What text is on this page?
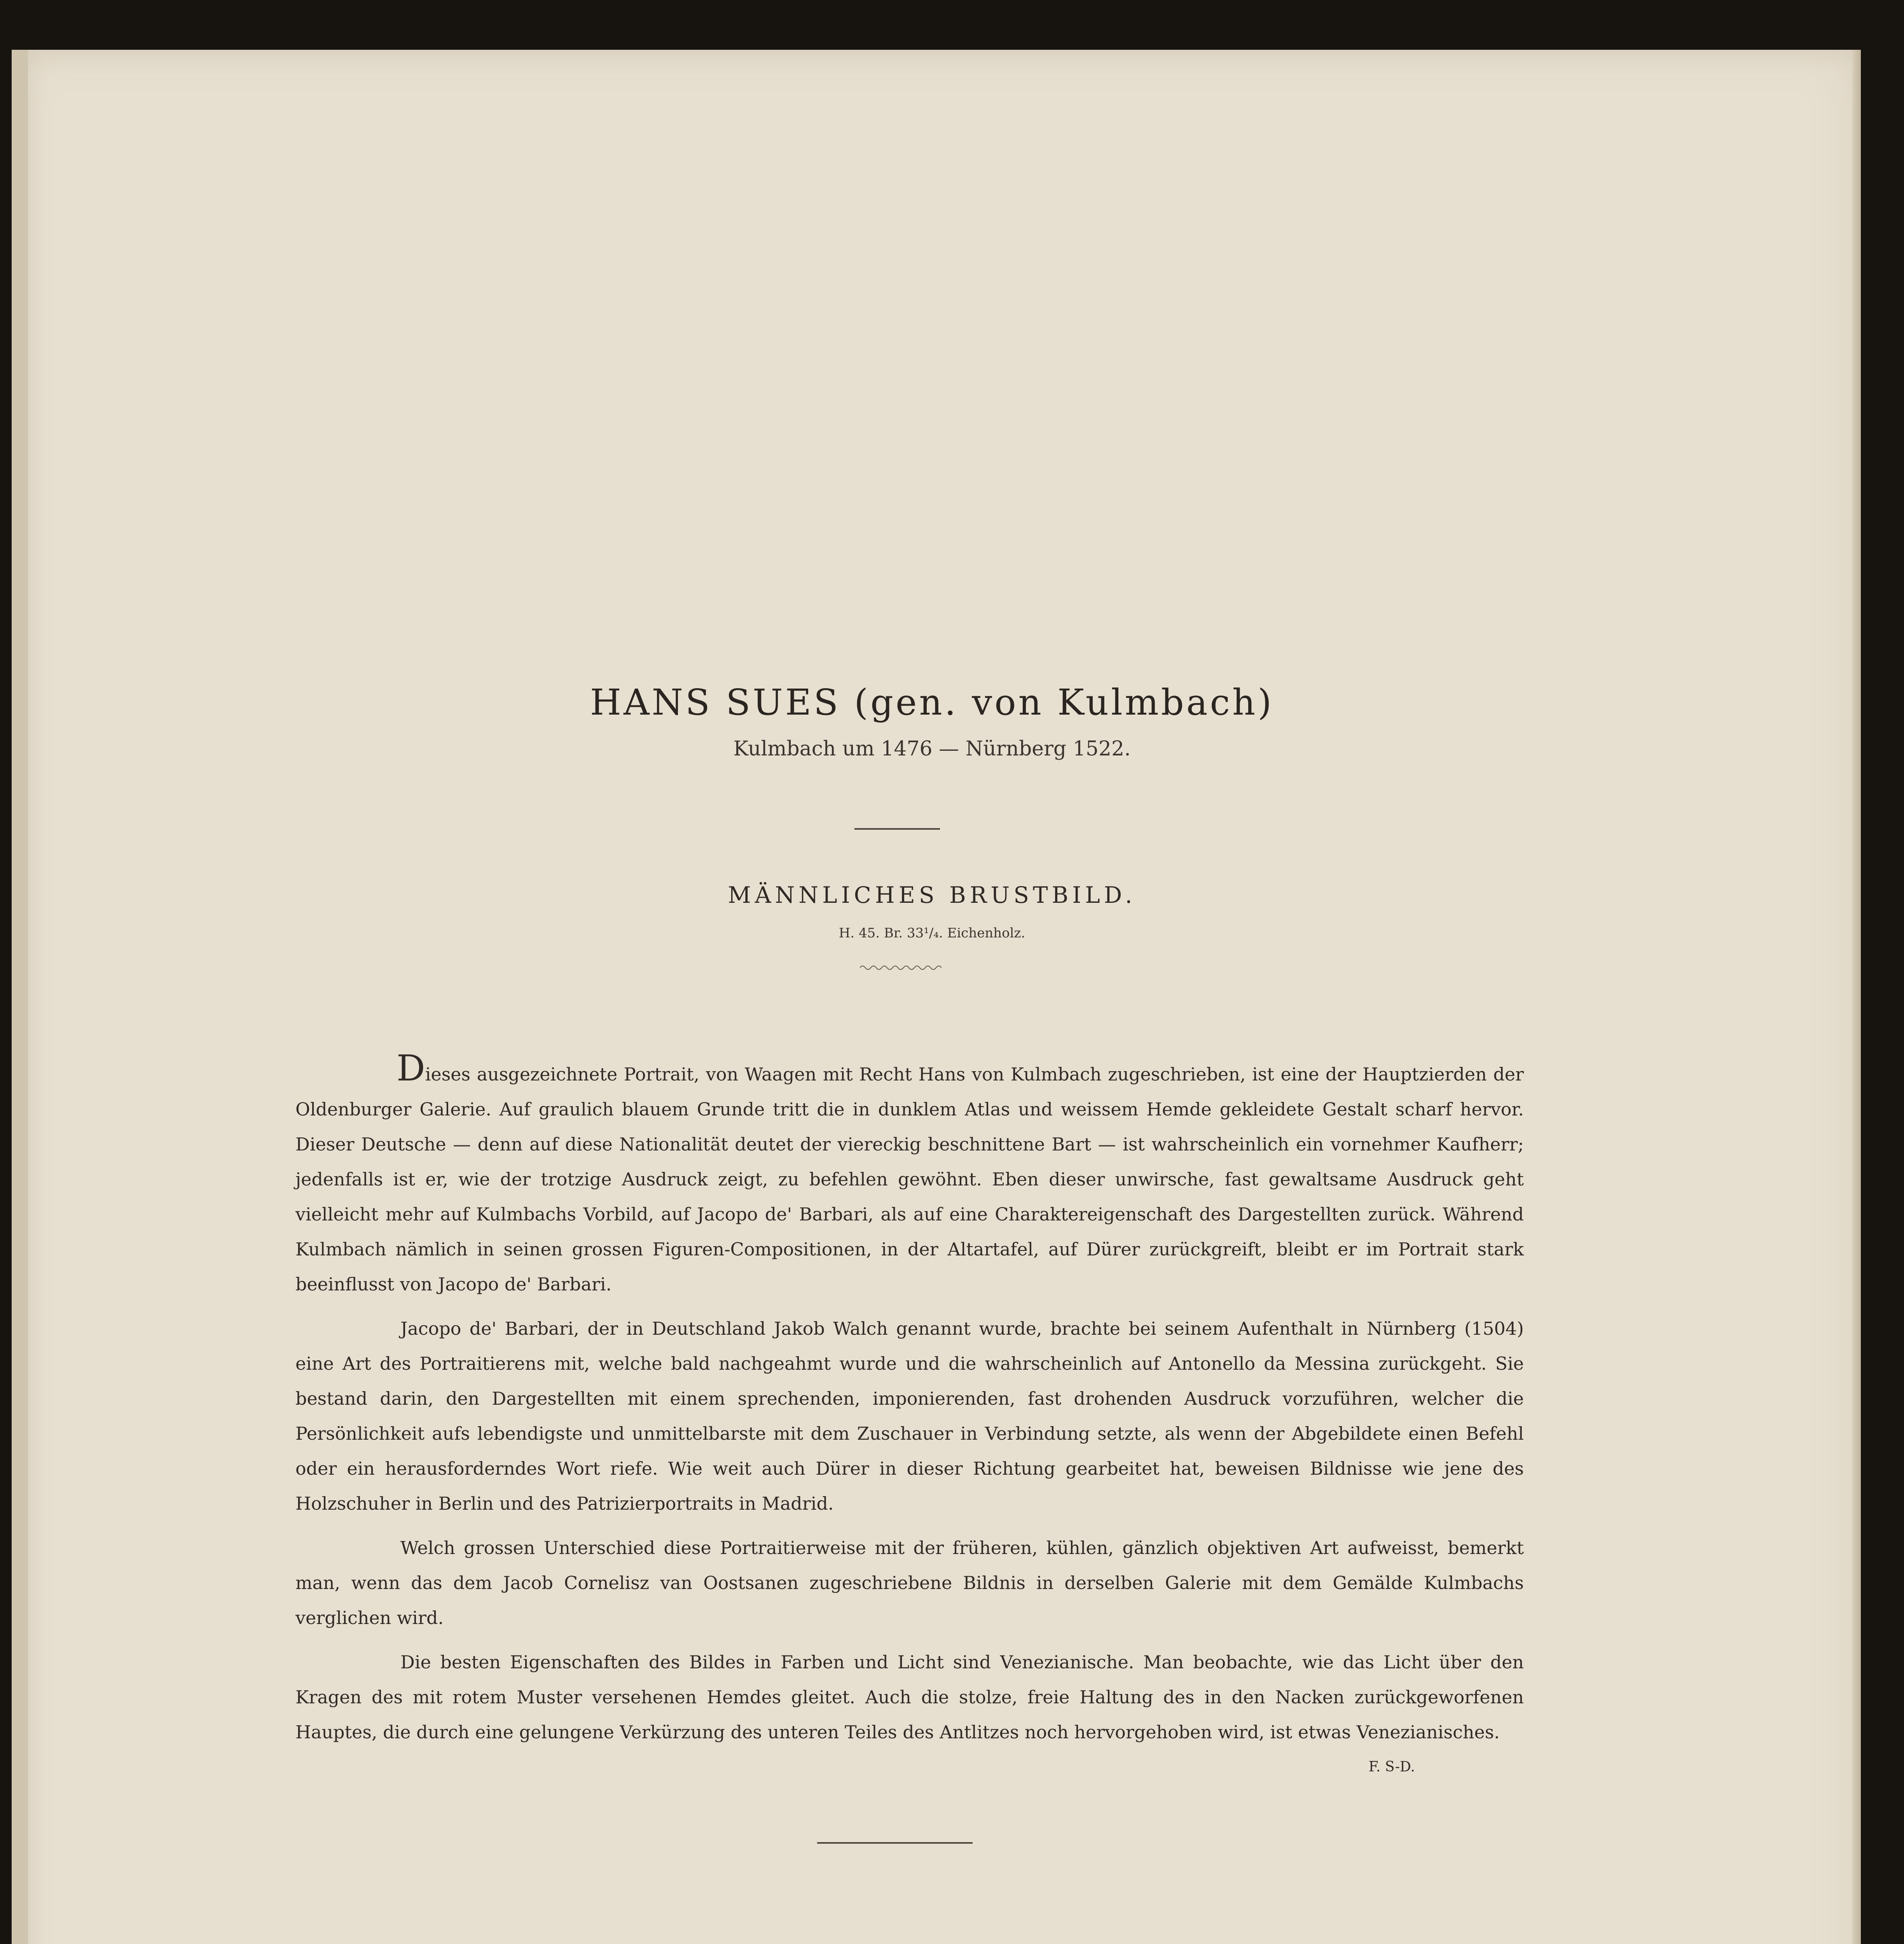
HANS SUES (gen. von Kulmbach)
Kulmbach um 1476 — Nürnberg 1522.
MÄNNLICHES BRUSTBILD.
H. 45. Br. 33¹/₄. Eichenholz.

Dieses ausgezeichnete Portrait, von Waagen mit Recht Hans von Kulmbach zugeschrieben, ist eine der Hauptzierden der Oldenburger Galerie. Auf graulich blauem Grunde tritt die in dunklem Atlas und weissem Hemde gekleidete Gestalt scharf hervor. Dieser Deutsche — denn auf diese Nationalität deutet der viereckig beschnittene Bart — ist wahrscheinlich ein vornehmer Kaufherr; jedenfalls ist er, wie der trotzige Ausdruck zeigt, zu befehlen gewöhnt. Eben dieser unwirsche, fast gewaltsame Ausdruck geht vielleicht mehr auf Kulmbachs Vorbild, auf Jacopo de' Barbari, als auf eine Charaktereigenschaft des Dargestellten zurück. Während Kulmbach nämlich in seinen grossen Figuren-Compositionen, in der Altartafel, auf Dürer zurückgreift, bleibt er im Portrait stark beeinflusst von Jacopo de' Barbari.

Jacopo de' Barbari, der in Deutschland Jakob Walch genannt wurde, brachte bei seinem Aufenthalt in Nürnberg (1504) eine Art des Portraitierens mit, welche bald nachgeahmt wurde und die wahrscheinlich auf Antonello da Messina zurückgeht. Sie bestand darin, den Dargestellten mit einem sprechenden, imponierenden, fast drohenden Ausdruck vorzuführen, welcher die Persönlichkeit aufs lebendigste und unmittelbarste mit dem Zuschauer in Verbindung setzte, als wenn der Abgebildete einen Befehl oder ein herausforderndes Wort riefe. Wie weit auch Dürer in dieser Richtung gearbeitet hat, beweisen Bildnisse wie jene des Holzschuher in Berlin und des Patrizierportraits in Madrid.

Welch grossen Unterschied diese Portraitierweise mit der früheren, kühlen, gänzlich objektiven Art aufweisst, bemerkt man, wenn das dem Jacob Cornelisz van Oostsanen zugeschriebene Bildnis in derselben Galerie mit dem Gemälde Kulmbachs verglichen wird.

Die besten Eigenschaften des Bildes in Farben und Licht sind Venezianische. Man beobachte, wie das Licht über den Kragen des mit rotem Muster versehenen Hemdes gleitet. Auch die stolze, freie Haltung des in den Nacken zurückgeworfenen Hauptes, die durch eine gelungene Verkürzung des unteren Teiles des Antlitzes noch hervorgehoben wird, ist etwas Venezianisches.
F. S-D.
